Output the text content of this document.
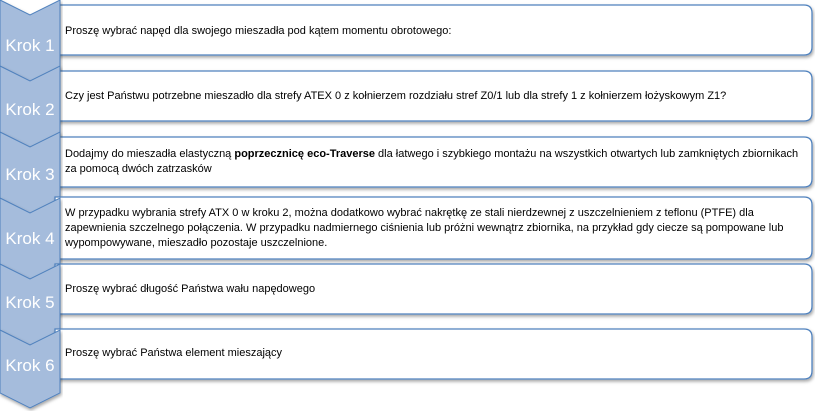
Krok 1
Krok 2
Krok 3
Krok 4
Krok 5
Krok 6
Proszę wybrać napęd dla swojego mieszadła pod kątem momentu obrotowego:
Czy jest Państwu potrzebne mieszadło dla strefy ATEX 0 z kołnierzem rozdziału stref Z0/1 lub dla strefy 1 z kołnierzem łożyskowym Z1?
Dodajmy do mieszadła elastyczną poprzecznicę eco-Traverse dla łatwego i szybkiego montażu na wszystkich otwartych lub zamkniętych zbiornikach za pomocą dwóch zatrzasków
W przypadku wybrania strefy ATX 0 w kroku 2, można dodatkowo wybrać nakrętkę ze stali nierdzewnej z uszczelnieniem z teflonu (PTFE) dla zapewnienia szczelnego połączenia. W przypadku nadmiernego ciśnienia lub próżni wewnątrz zbiornika, na przykład gdy ciecze są pompowane lub wypompowywane, mieszadło pozostaje uszczelnione.
Proszę wybrać długość Państwa wału napędowego
Proszę wybrać Państwa element mieszający
